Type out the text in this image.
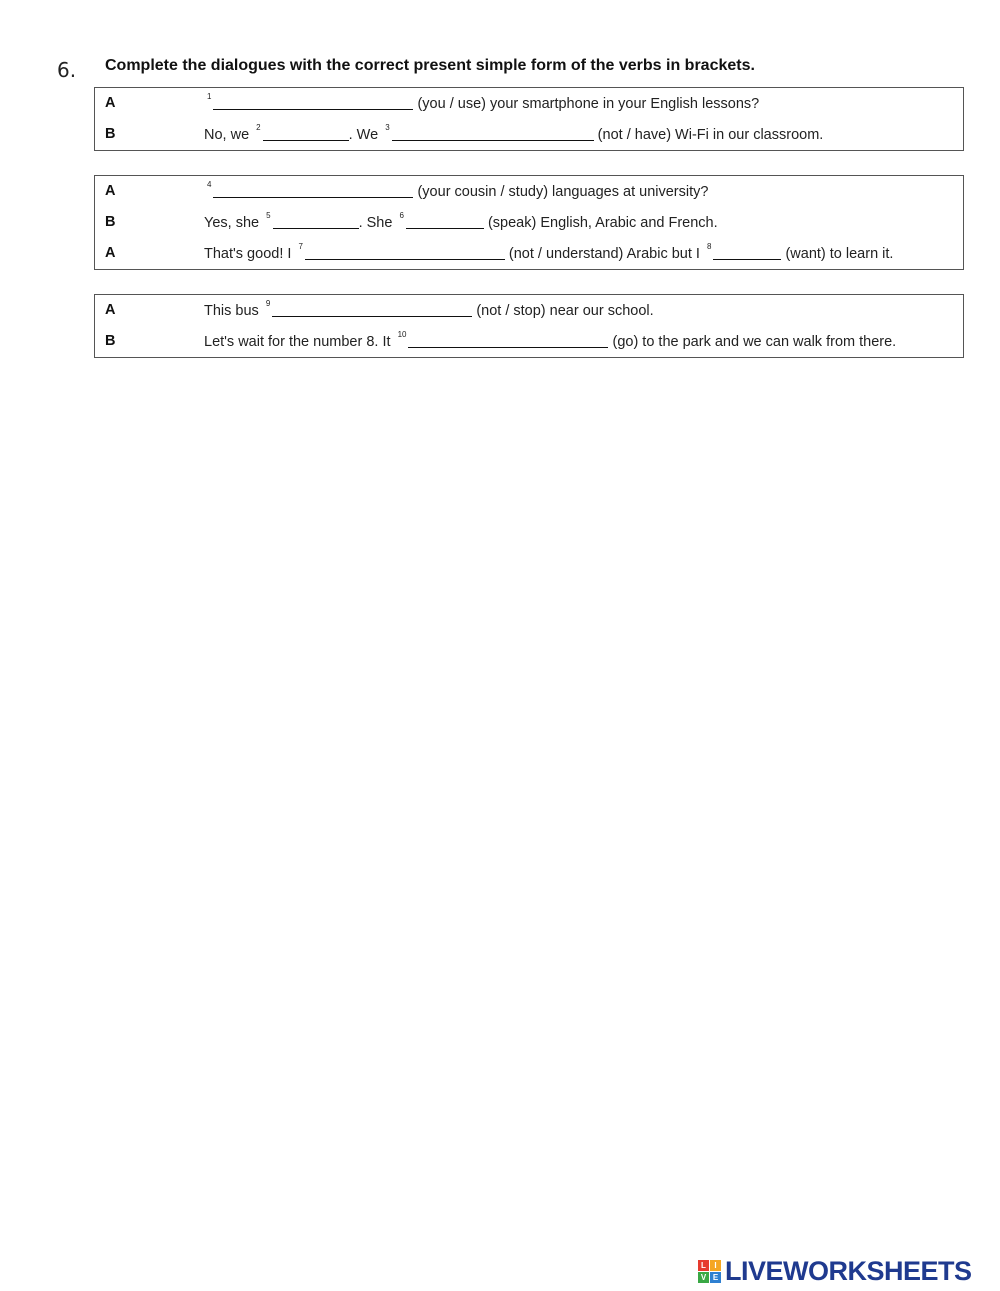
6. Complete the dialogues with the correct present simple form of the verbs in brackets.
A	$^1$	(you / use) your smartphone in your English lessons?
B	No, we $^2$	. We $^3$	(not / have) Wi-Fi in our classroom.
A	$^4$	(your cousin / study) languages at university?
B	Yes, she $^5$	. She $^6$	(speak) English, Arabic and French.
A	That's good! I $^7$	(not / understand) Arabic but I $^8$	(want) to learn it.
A	This bus $^9$	(not / stop) near our school.
B	Let's wait for the number 8. It $^{10}$	(go) to the park and we can walk from there.
L	I
V E LIVEWORKSHEETS
